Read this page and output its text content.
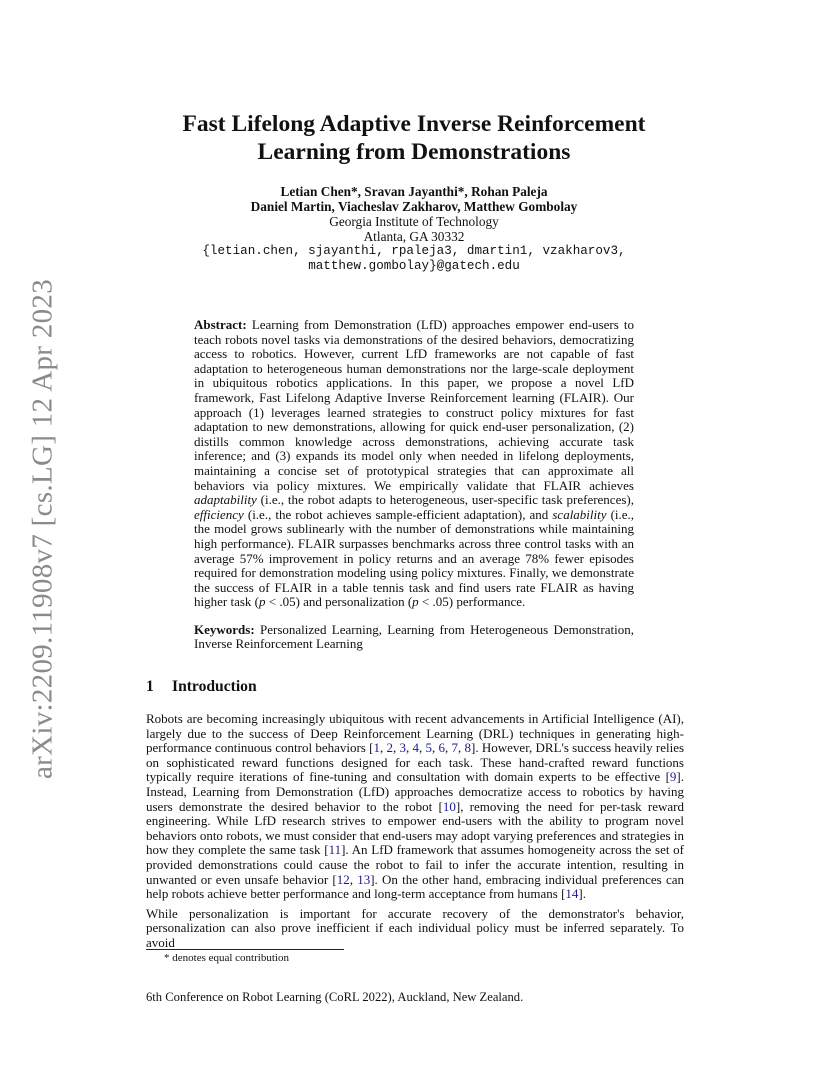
arXiv:2209.11908v7 [cs.LG] 12 Apr 2023
Fast Lifelong Adaptive Inverse Reinforcement
Learning from Demonstrations
Letian Chen*, Sravan Jayanthi*, Rohan Paleja
Daniel Martin, Viacheslav Zakharov, Matthew Gombolay
Georgia Institute of Technology
Atlanta, GA 30332
{letian.chen, sjayanthi, rpaleja3, dmartin1, vzakharov3,
matthew.gombolay}@gatech.edu

Abstract: Learning from Demonstration (LfD) approaches empower end-users to teach robots novel tasks via demonstrations of the desired behaviors, democratizing access to robotics. However, current LfD frameworks are not capable of fast adaptation to heterogeneous human demonstrations nor the large-scale deployment in ubiquitous robotics applications. In this paper, we propose a novel LfD framework, Fast Lifelong Adaptive Inverse Reinforcement learning (FLAIR). Our approach (1) leverages learned strategies to construct policy mixtures for fast adaptation to new demonstrations, allowing for quick end-user personalization, (2) distills common knowledge across demonstrations, achieving accurate task inference; and (3) expands its model only when needed in lifelong deployments, maintaining a concise set of prototypical strategies that can approximate all behaviors via policy mixtures. We empirically validate that FLAIR achieves adaptability (i.e., the robot adapts to heterogeneous, user-specific task preferences), efficiency (i.e., the robot achieves sample-efficient adaptation), and scalability (i.e., the model grows sublinearly with the number of demonstrations while maintaining high performance). FLAIR surpasses benchmarks across three control tasks with an average 57% improvement in policy returns and an average 78% fewer episodes required for demonstration modeling using policy mixtures. Finally, we demonstrate the success of FLAIR in a table tennis task and find users rate FLAIR as having higher task (p < .05) and personalization (p < .05) performance.

Keywords: Personalized Learning, Learning from Heterogeneous Demonstration, Inverse Reinforcement Learning

1 Introduction

Robots are becoming increasingly ubiquitous with recent advancements in Artificial Intelligence (AI), largely due to the success of Deep Reinforcement Learning (DRL) techniques in generating high-performance continuous control behaviors [1, 2, 3, 4, 5, 6, 7, 8]. However, DRL's success heavily relies on sophisticated reward functions designed for each task. These hand-crafted reward functions typically require iterations of fine-tuning and consultation with domain experts to be effective [9]. Instead, Learning from Demonstration (LfD) approaches democratize access to robotics by having users demonstrate the desired behavior to the robot [10], removing the need for per-task reward engineering. While LfD research strives to empower end-users with the ability to program novel behaviors onto robots, we must consider that end-users may adopt varying preferences and strategies in how they complete the same task [11]. An LfD framework that assumes homogeneity across the set of provided demonstrations could cause the robot to fail to infer the accurate intention, resulting in unwanted or even unsafe behavior [12, 13]. On the other hand, embracing individual preferences can help robots achieve better performance and long-term acceptance from humans [14].

While personalization is important for accurate recovery of the demonstrator's behavior, personalization can also prove inefficient if each individual policy must be inferred separately. To avoid

* denotes equal contribution
6th Conference on Robot Learning (CoRL 2022), Auckland, New Zealand.
